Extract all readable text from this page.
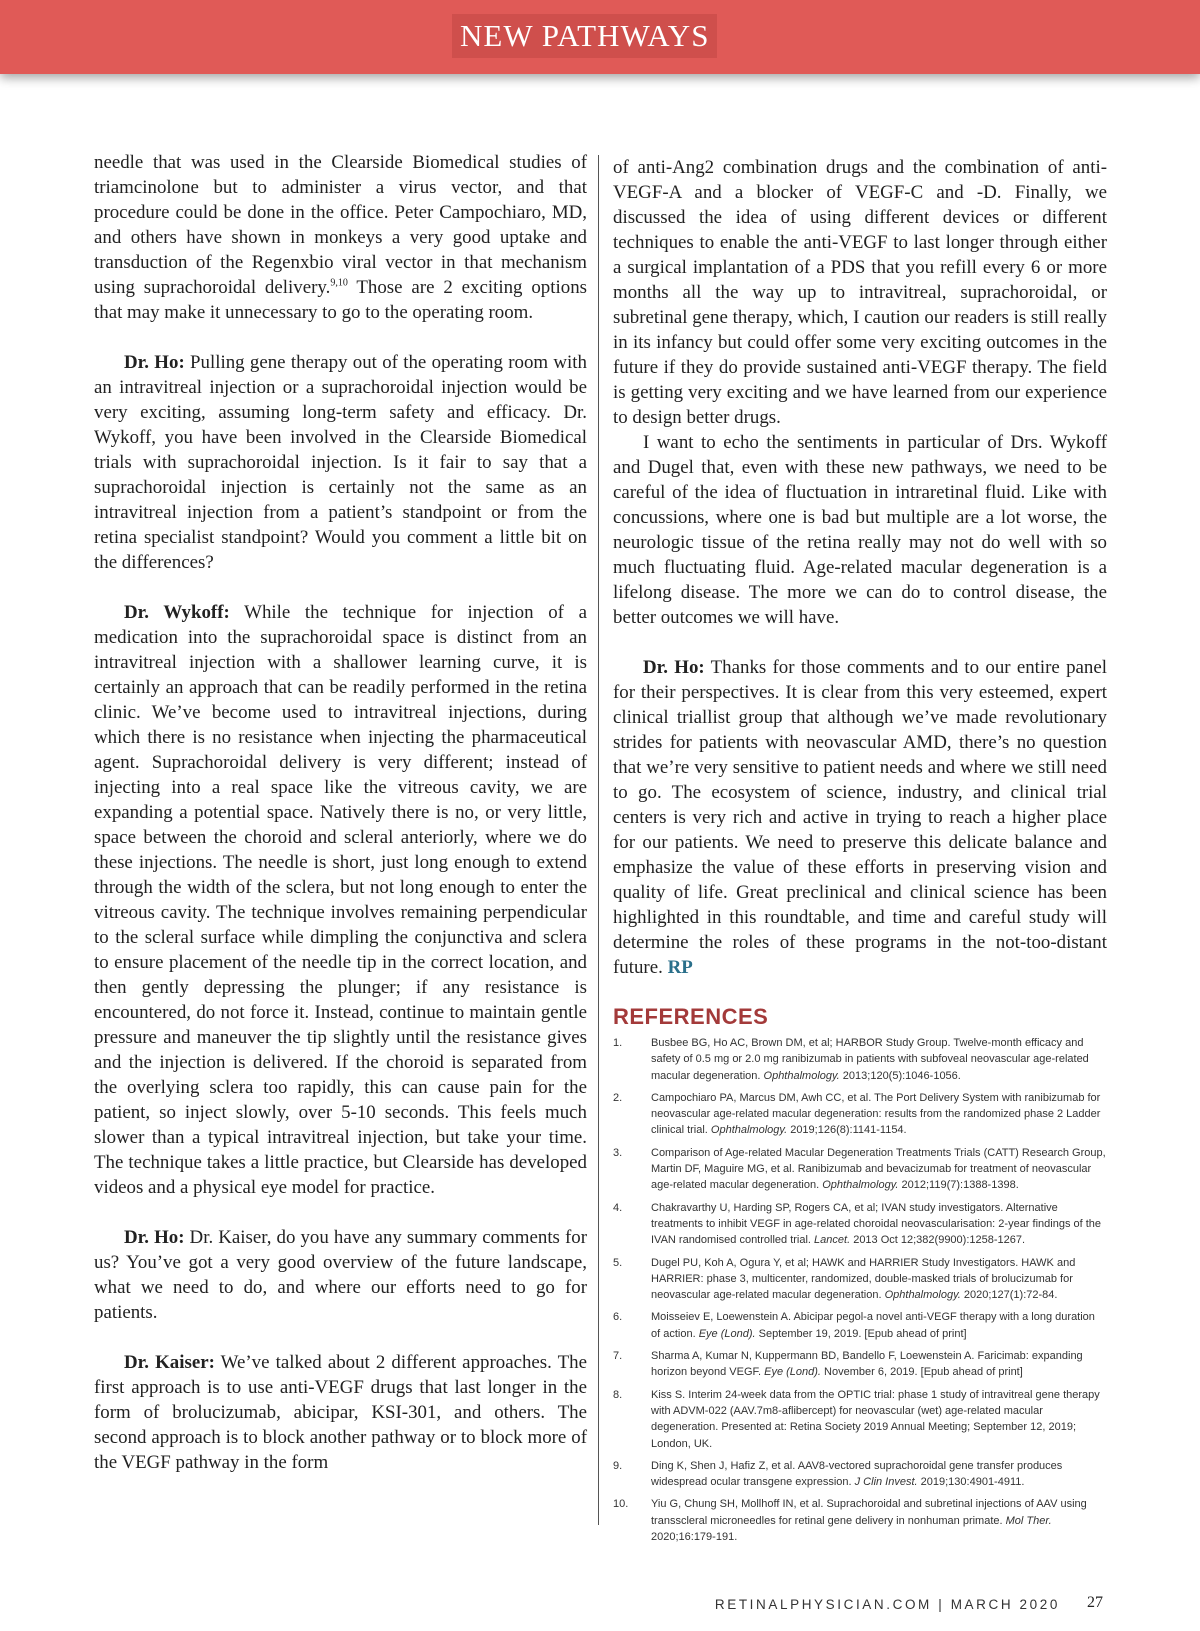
NEW PATHWAYS

needle that was used in the Clearside Biomedical studies of triamcinolone but to administer a virus vector, and that procedure could be done in the office. Peter Campochiaro, MD, and others have shown in monkeys a very good uptake and transduction of the Regenxbio viral vector in that mechanism using suprachoroidal delivery.$^{9,10}$ Those are 2 exciting options that may make it unnecessary to go to the operating room.

Dr. Ho: Pulling gene therapy out of the operating room with an intravitreal injection or a suprachoroidal injection would be very exciting, assuming long-term safety and efficacy. Dr. Wykoff, you have been involved in the Clearside Biomedical trials with suprachoroidal injection. Is it fair to say that a suprachoroidal injection is certainly not the same as an intravitreal injection from a patient’s standpoint or from the retina specialist standpoint? Would you comment a little bit on the differences?

Dr. Wykoff: While the technique for injection of a medication into the suprachoroidal space is distinct from an intravitreal injection with a shallower learning curve, it is certainly an approach that can be readily performed in the retina clinic. We’ve become used to intravitreal injections, during which there is no resistance when injecting the pharmaceutical agent. Suprachoroidal delivery is very different; instead of injecting into a real space like the vitreous cavity, we are expanding a potential space. Natively there is no, or very little, space between the choroid and scleral anteriorly, where we do these injections. The needle is short, just long enough to extend through the width of the sclera, but not long enough to enter the vitreous cavity. The technique involves remaining perpendicular to the scleral surface while dimpling the conjunctiva and sclera to ensure placement of the needle tip in the correct location, and then gently depressing the plunger; if any resistance is encountered, do not force it. Instead, continue to maintain gentle pressure and maneuver the tip slightly until the resistance gives and the injection is delivered. If the choroid is separated from the overlying sclera too rapidly, this can cause pain for the patient, so inject slowly, over 5-10 seconds. This feels much slower than a typical intravitreal injection, but take your time. The technique takes a little practice, but Clearside has developed videos and a physical eye model for practice.

Dr. Ho: Dr. Kaiser, do you have any summary comments for us? You’ve got a very good overview of the future landscape, what we need to do, and where our efforts need to go for patients.

Dr. Kaiser: We’ve talked about 2 different approaches. The first approach is to use anti-VEGF drugs that last longer in the form of brolucizumab, abicipar, KSI-301, and others. The second approach is to block another pathway or to block more of the VEGF pathway in the form

of anti-Ang2 combination drugs and the combination of anti-VEGF-A and a blocker of VEGF-C and -D. Finally, we discussed the idea of using different devices or different techniques to enable the anti-VEGF to last longer through either a surgical implantation of a PDS that you refill every 6 or more months all the way up to intravitreal, suprachoroidal, or subretinal gene therapy, which, I caution our readers is still really in its infancy but could offer some very exciting outcomes in the future if they do provide sustained anti-VEGF therapy. The field is getting very exciting and we have learned from our experience to design better drugs.

I want to echo the sentiments in particular of Drs. Wykoff and Dugel that, even with these new pathways, we need to be careful of the idea of fluctuation in intraretinal fluid. Like with concussions, where one is bad but multiple are a lot worse, the neurologic tissue of the retina really may not do well with so much fluctuating fluid. Age-related macular degeneration is a lifelong disease. The more we can do to control disease, the better outcomes we will have.

Dr. Ho: Thanks for those comments and to our entire panel for their perspectives. It is clear from this very esteemed, expert clinical triallist group that although we’ve made revolutionary strides for patients with neovascular AMD, there’s no question that we’re very sensitive to patient needs and where we still need to go. The ecosystem of science, industry, and clinical trial centers is very rich and active in trying to reach a higher place for our patients. We need to preserve this delicate balance and emphasize the value of these efforts in preserving vision and quality of life. Great preclinical and clinical science has been highlighted in this roundtable, and time and careful study will determine the roles of these programs in the not-too-distant future. RP

REFERENCES
1.	Busbee BG, Ho AC, Brown DM, et al; HARBOR Study Group. Twelve-month efficacy and safety of 0.5 mg or 2.0 mg ranibizumab in patients with subfoveal neovascular age-related macular degeneration. Ophthalmology. 2013;120(5):1046-1056.
2.	Campochiaro PA, Marcus DM, Awh CC, et al. The Port Delivery System with ranibizumab for neovascular age-related macular degeneration: results from the randomized phase 2 Ladder clinical trial. Ophthalmology. 2019;126(8):1141-1154.
3.	Comparison of Age-related Macular Degeneration Treatments Trials (CATT) Research Group, Martin DF, Maguire MG, et al. Ranibizumab and bevacizumab for treatment of neovascular age-related macular degeneration. Ophthalmology. 2012;119(7):1388-1398.
4.	Chakravarthy U, Harding SP, Rogers CA, et al; IVAN study investigators. Alternative treatments to inhibit VEGF in age-related choroidal neovascularisation: 2-year findings of the IVAN randomised controlled trial. Lancet. 2013 Oct 12;382(9900):1258-1267.
5.	Dugel PU, Koh A, Ogura Y, et al; HAWK and HARRIER Study Investigators. HAWK and HARRIER: phase 3, multicenter, randomized, double-masked trials of brolucizumab for neovascular age-related macular degeneration. Ophthalmology. 2020;127(1):72-84.
6.	Moisseiev E, Loewenstein A. Abicipar pegol-a novel anti-VEGF therapy with a long duration of action. Eye (Lond). September 19, 2019. [Epub ahead of print]
7.	Sharma A, Kumar N, Kuppermann BD, Bandello F, Loewenstein A. Faricimab: expanding horizon beyond VEGF. Eye (Lond). November 6, 2019. [Epub ahead of print]
8.	Kiss S. Interim 24-week data from the OPTIC trial: phase 1 study of intravitreal gene therapy with ADVM-022 (AAV.7m8-aflibercept) for neovascular (wet) age-related macular degeneration. Presented at: Retina Society 2019 Annual Meeting; September 12, 2019; London, UK.
9.	Ding K, Shen J, Hafiz Z, et al. AAV8-vectored suprachoroidal gene transfer produces widespread ocular transgene expression. J Clin Invest. 2019;130:4901-4911.
10. Yiu G, Chung SH, Mollhoff IN, et al. Suprachoroidal and subretinal injections of AAV using transscleral microneedles for retinal gene delivery in nonhuman primate. Mol Ther. 2020;16:179-191.
RETINALPHYSICIAN.COM | MARCH 2020 27
